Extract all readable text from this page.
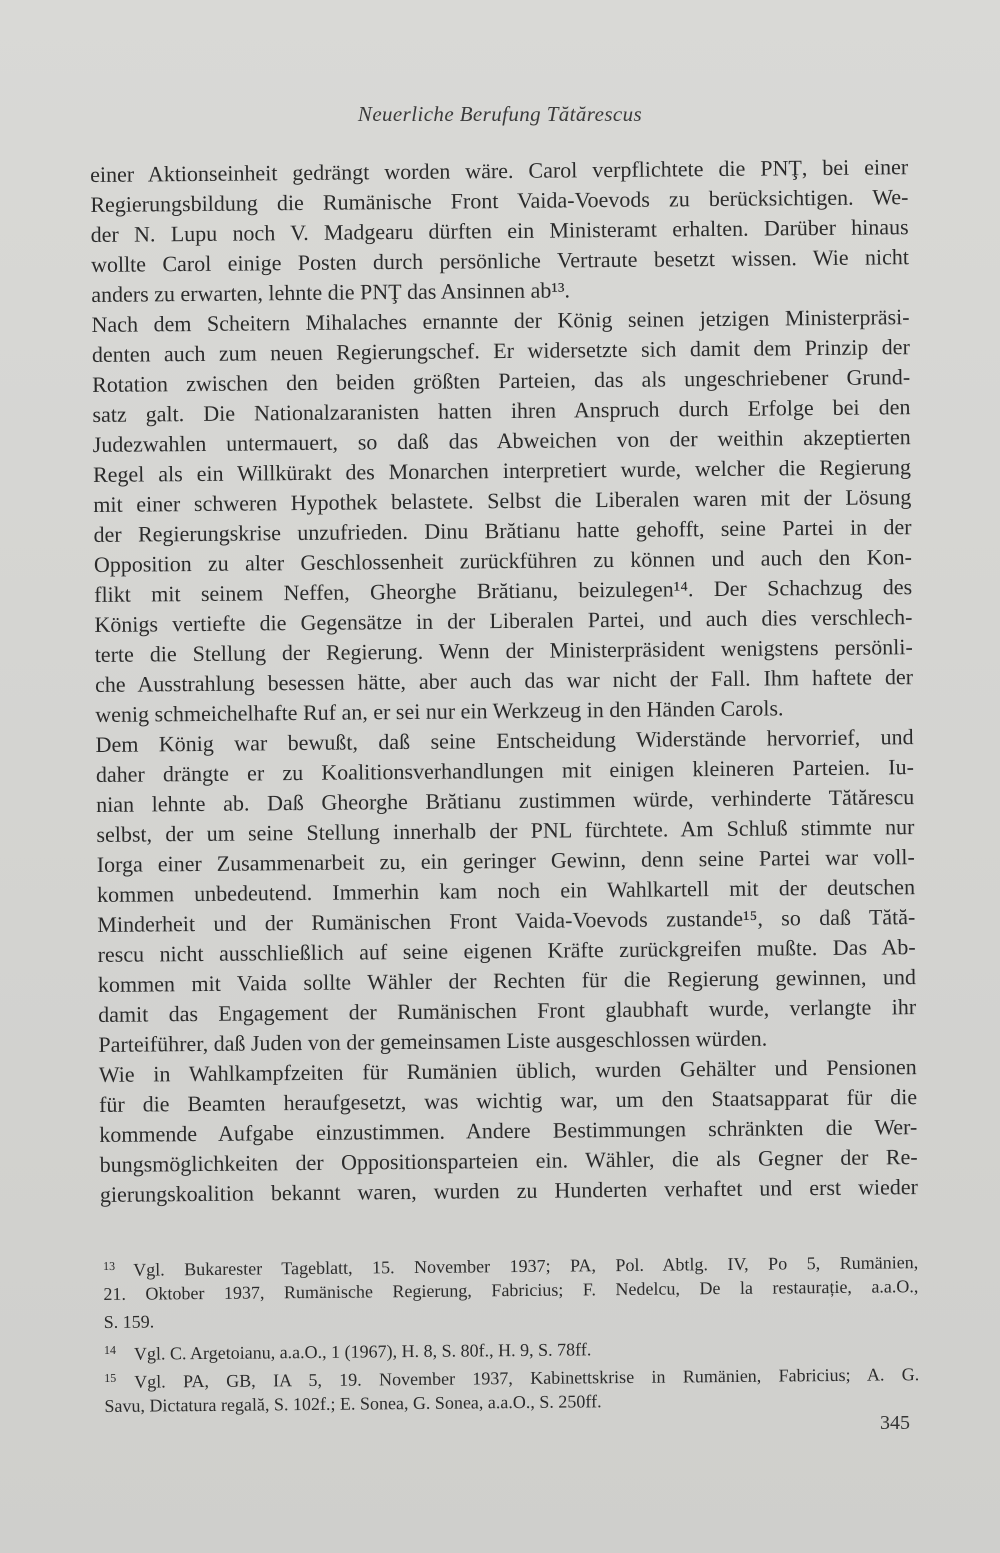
Neuerliche Berufung Tătărescus
einer Aktionseinheit gedrängt worden wäre. Carol verpflichtete die PNŢ, bei einer
Regierungsbildung die Rumänische Front Vaida-Voevods zu berücksichtigen. We-
der N. Lupu noch V. Madgearu dürften ein Ministeramt erhalten. Darüber hinaus
wollte Carol einige Posten durch persönliche Vertraute besetzt wissen. Wie nicht
anders zu erwarten, lehnte die PNŢ das Ansinnen ab¹³.
Nach dem Scheitern Mihalaches ernannte der König seinen jetzigen Ministerpräsi-
denten auch zum neuen Regierungschef. Er widersetzte sich damit dem Prinzip der
Rotation zwischen den beiden größten Parteien, das als ungeschriebener Grund-
satz galt. Die Nationalzaranisten hatten ihren Anspruch durch Erfolge bei den
Judezwahlen untermauert, so daß das Abweichen von der weithin akzeptierten
Regel als ein Willkürakt des Monarchen interpretiert wurde, welcher die Regierung
mit einer schweren Hypothek belastete. Selbst die Liberalen waren mit der Lösung
der Regierungskrise unzufrieden. Dinu Brătianu hatte gehofft, seine Partei in der
Opposition zu alter Geschlossenheit zurückführen zu können und auch den Kon-
flikt mit seinem Neffen, Gheorghe Brătianu, beizulegen¹⁴. Der Schachzug des
Königs vertiefte die Gegensätze in der Liberalen Partei, und auch dies verschlech-
terte die Stellung der Regierung. Wenn der Ministerpräsident wenigstens persönli-
che Ausstrahlung besessen hätte, aber auch das war nicht der Fall. Ihm haftete der
wenig schmeichelhafte Ruf an, er sei nur ein Werkzeug in den Händen Carols.
Dem König war bewußt, daß seine Entscheidung Widerstände hervorrief, und
daher drängte er zu Koalitionsverhandlungen mit einigen kleineren Parteien. Iu-
nian lehnte ab. Daß Gheorghe Brătianu zustimmen würde, verhinderte Tătărescu
selbst, der um seine Stellung innerhalb der PNL fürchtete. Am Schluß stimmte nur
Iorga einer Zusammenarbeit zu, ein geringer Gewinn, denn seine Partei war voll-
kommen unbedeutend. Immerhin kam noch ein Wahlkartell mit der deutschen
Minderheit und der Rumänischen Front Vaida-Voevods zustande¹⁵, so daß Tătă-
rescu nicht ausschließlich auf seine eigenen Kräfte zurückgreifen mußte. Das Ab-
kommen mit Vaida sollte Wähler der Rechten für die Regierung gewinnen, und
damit das Engagement der Rumänischen Front glaubhaft wurde, verlangte ihr
Parteiführer, daß Juden von der gemeinsamen Liste ausgeschlossen würden.
Wie in Wahlkampfzeiten für Rumänien üblich, wurden Gehälter und Pensionen
für die Beamten heraufgesetzt, was wichtig war, um den Staatsapparat für die
kommende Aufgabe einzustimmen. Andere Bestimmungen schränkten die Wer-
bungsmöglichkeiten der Oppositionsparteien ein. Wähler, die als Gegner der Re-
gierungskoalition bekannt waren, wurden zu Hunderten verhaftet und erst wieder
13 Vgl. Bukarester Tageblatt, 15. November 1937; PA, Pol. Abtlg. IV, Po 5, Rumänien,
21. Oktober 1937, Rumänische Regierung, Fabricius; F. Nedelcu, De la restaurație, a.a.O.,
S. 159.
14 Vgl. C. Argetoianu, a.a.O., 1 (1967), H. 8, S. 80f., H. 9, S. 78ff.
15 Vgl. PA, GB, IA 5, 19. November 1937, Kabinettskrise in Rumänien, Fabricius; A. G.
Savu, Dictatura regală, S. 102f.; E. Sonea, G. Sonea, a.a.O., S. 250ff.
345
